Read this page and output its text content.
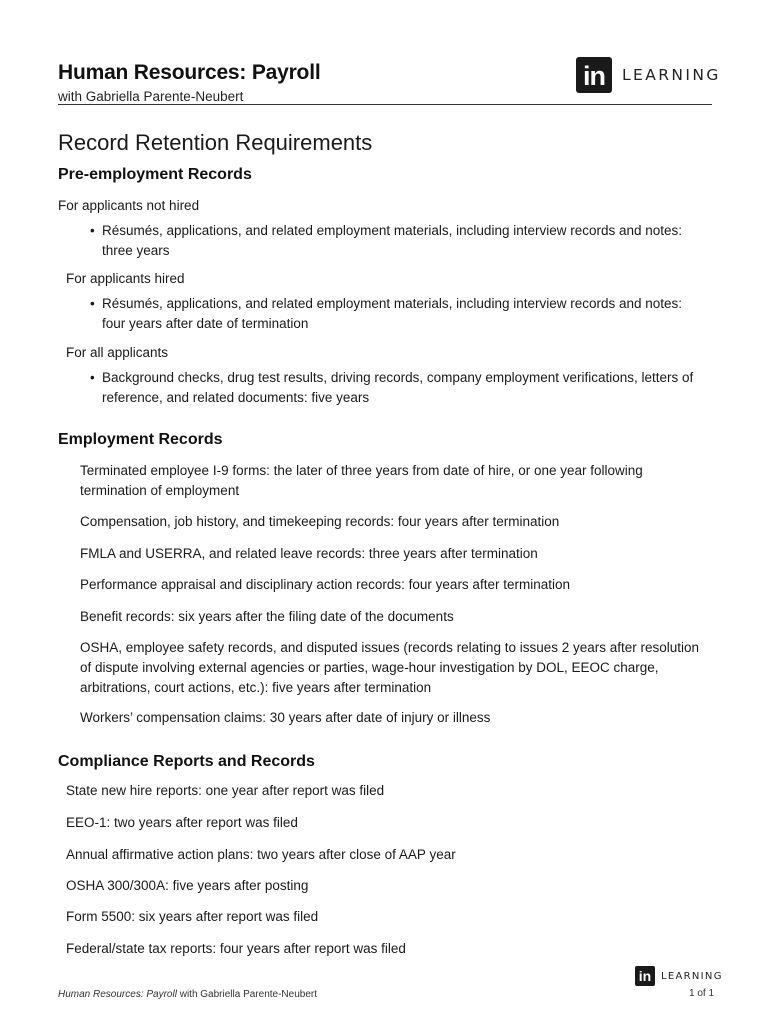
Human Resources: Payroll
with Gabriella Parente-Neubert
in	LEARNING
Record Retention Requirements
Pre-employment Records
For applicants not hired
• Résumés, applications, and related employment materials, including interview records and notes: three years
For applicants hired
• Résumés, applications, and related employment materials, including interview records and notes: four years after date of termination
For all applicants
• Background checks, drug test results, driving records, company employment verifications, letters of reference, and related documents: five years
Employment Records
Terminated employee I-9 forms: the later of three years from date of hire, or one year following termination of employment
Compensation, job history, and timekeeping records: four years after termination
FMLA and USERRA, and related leave records: three years after termination
Performance appraisal and disciplinary action records: four years after termination
Benefit records: six years after the filing date of the documents
OSHA, employee safety records, and disputed issues (records relating to issues 2 years after resolution of dispute involving external agencies or parties, wage-hour investigation by DOL, EEOC charge, arbitrations, court actions, etc.): five years after termination
Workers’ compensation claims: 30 years after date of injury or illness
Compliance Reports and Records
State new hire reports: one year after report was filed
EEO-1: two years after report was filed
Annual affirmative action plans: two years after close of AAP year
OSHA 300/300A: five years after posting
Form 5500: six years after report was filed
Federal/state tax reports: four years after report was filed
in LEARNING
Human Resources: Payroll with Gabriella Parente-Neubert	1 of 1
